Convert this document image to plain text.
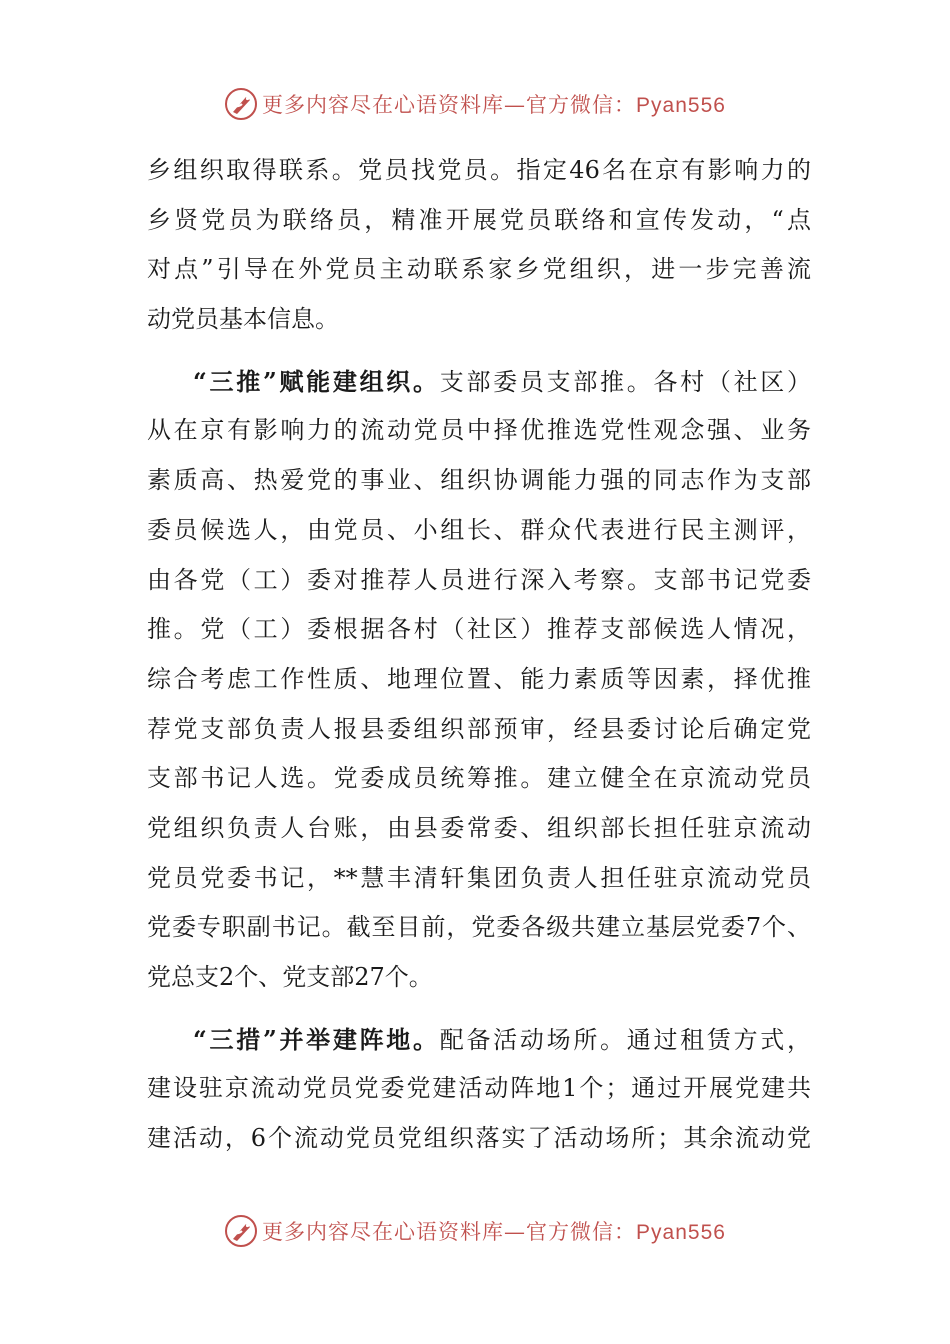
更多内容尽在心语资料库—官方微信：Pyan556
乡组织取得联系。党员找党员。指定46名在京有影响力的
乡贤党员为联络员，精准开展党员联络和宣传发动，“点
对点”引导在外党员主动联系家乡党组织，进一步完善流
动党员基本信息。
“三推”赋能建组织。支部委员支部推。各村（社区）
从在京有影响力的流动党员中择优推选党性观念强、业务
素质高、热爱党的事业、组织协调能力强的同志作为支部
委员候选人，由党员、小组长、群众代表进行民主测评，
由各党（工）委对推荐人员进行深入考察。支部书记党委
推。党（工）委根据各村（社区）推荐支部候选人情况，
综合考虑工作性质、地理位置、能力素质等因素，择优推
荐党支部负责人报县委组织部预审，经县委讨论后确定党
支部书记人选。党委成员统筹推。建立健全在京流动党员
党组织负责人台账，由县委常委、组织部长担任驻京流动
党员党委书记，**慧丰清轩集团负责人担任驻京流动党员
党委专职副书记。截至目前，党委各级共建立基层党委7个、
党总支2个、党支部27个。
“三措”并举建阵地。配备活动场所。通过租赁方式，
建设驻京流动党员党委党建活动阵地1个；通过开展党建共
建活动，6个流动党员党组织落实了活动场所；其余流动党
更多内容尽在心语资料库—官方微信：Pyan556
